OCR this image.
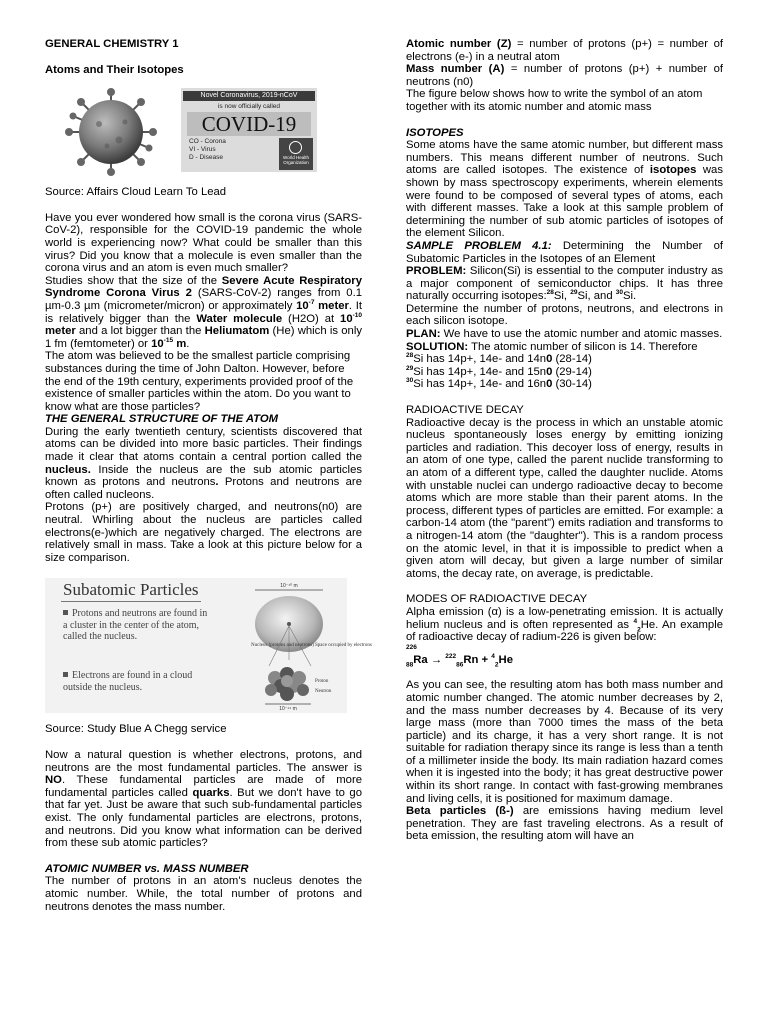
GENERAL CHEMISTRY 1

Atoms and Their Isotopes

Novel Coronavirus, 2019-nCoV
is now officially called
COVID-19
CO - Corona
VI - Virus
D - Disease	World Health Organization

Source: Affairs Cloud Learn To Lead

Have you ever wondered how small is the corona virus (SARS-CoV-2), responsible for the COVID-19 pandemic the whole world is experiencing now? What could be smaller than this virus? Did you know that a molecule is even smaller than the corona virus and an atom is even much smaller?

Studies show that the size of the Severe Acute Respiratory Syndrome Corona Virus 2 (SARS-CoV-2) ranges from 0.1 µm-0.3 µm (micrometer/micron) or approximately $10^{-7}$ meter. It is relatively bigger than the Water molecule (H2O) at $10^{-10}$ meter and a lot bigger than the Heliumatom (He) which is only 1 fm (femtometer) or $10^{-15}$ m.

The atom was believed to be the smallest particle comprising substances during the time of John Dalton. However, before the end of the 19th century, experiments provided proof of the existence of smaller particles within the atom. Do you want to know what are those particles?

THE GENERAL STRUCTURE OF THE ATOM

During the early twentieth century, scientists discovered that atoms can be divided into more basic particles. Their findings made it clear that atoms contain a central portion called the nucleus. Inside the nucleus are the sub atomic particles known as protons and neutrons. Protons and neutrons are often called nucleons.

Protons (p+) are positively charged, and neutrons(n0) are neutral. Whirling about the nucleus are particles called electrons(e-)which are negatively charged. The electrons are relatively small in mass. Take a look at this picture below for a size comparison.

Subatomic Particles
Protons and neutrons are found in a cluster in the center of the atom, called the nucleus.
Electrons are found in a cloud outside the nucleus.
10⁻¹⁰ m
Nucleus (protons and neutrons) Space occupied by electrons
Proton
Neutron
10⁻¹⁴ m

Source: Study Blue A Chegg service

Now a natural question is whether electrons, protons, and neutrons are the most fundamental particles. The answer is NO. These fundamental particles are made of more fundamental particles called quarks. But we don't have to go that far yet. Just be aware that such sub-fundamental particles exist. The only fundamental particles are electrons, protons, and neutrons. Did you know what information can be derived from these sub atomic particles?

ATOMIC NUMBER vs. MASS NUMBER

The number of protons in an atom's nucleus denotes the atomic number. While, the total number of protons and neutrons denotes the mass number.

Atomic number (Z) = number of protons (p+) = number of electrons (e-) in a neutral atom

Mass number (A) = number of protons (p+) + number of neutrons (n0)

The figure below shows how to write the symbol of an atom together with its atomic number and atomic mass

ISOTOPES

Some atoms have the same atomic number, but different mass numbers. This means different number of neutrons. Such atoms are called isotopes. The existence of isotopes was shown by mass spectroscopy experiments, wherein elements were found to be composed of several types of atoms, each with different masses. Take a look at this sample problem of determining the number of sub atomic particles of isotopes of the element Silicon.

SAMPLE PROBLEM 4.1: Determining the Number of Subatomic Particles in the Isotopes of an Element

PROBLEM: Silicon(Si) is essential to the computer industry as a major component of semiconductor chips. It has three naturally occurring isotopes:$^{28}$Si, $^{29}$Si, and $^{30}$Si.

Determine the number of protons, neutrons, and electrons in each silicon isotope.

PLAN: We have to use the atomic number and atomic masses.

SOLUTION: The atomic number of silicon is 14. Therefore

$^{28}$Si has 14p+, 14e- and 14n0 (28-14)

$^{29}$Si has 14p+, 14e- and 15n0 (29-14)

$^{30}$Si has 14p+, 14e- and 16n0 (30-14)

RADIOACTIVE DECAY

Radioactive decay is the process in which an unstable atomic nucleus spontaneously loses energy by emitting ionizing particles and radiation. This decoyer loss of energy, results in an atom of one type, called the parent nuclide transforming to an atom of a different type, called the daughter nuclide. Atoms with unstable nuclei can undergo radioactive decay to become atoms which are more stable than their parent atoms. In the process, different types of particles are emitted. For example: a carbon-14 atom (the "parent") emits radiation and transforms to a nitrogen-14 atom (the "daughter"). This is a random process on the atomic level, in that it is impossible to predict when a given atom will decay, but given a large number of similar atoms, the decay rate, on average, is predictable.

MODES OF RADIOACTIVE DECAY

Alpha emission (α) is a low-penetrating emission. It is actually helium nucleus and is often represented as $^4_2$He. An example of radioactive decay of radium-226 is given below:

226

$_{88}$Ra → $^{222}_{86}$Rn + $^4_2$He

As you can see, the resulting atom has both mass number and atomic number changed. The atomic number decreases by 2, and the mass number decreases by 4. Because of its very large mass (more than 7000 times the mass of the beta particle) and its charge, it has a very short range. It is not suitable for radiation therapy since its range is less than a tenth of a millimeter inside the body. Its main radiation hazard comes when it is ingested into the body; it has great destructive power within its short range. In contact with fast-growing membranes and living cells, it is positioned for maximum damage.

Beta particles (ß-) are emissions having medium level penetration. They are fast traveling electrons. As a result of beta emission, the resulting atom will have an
